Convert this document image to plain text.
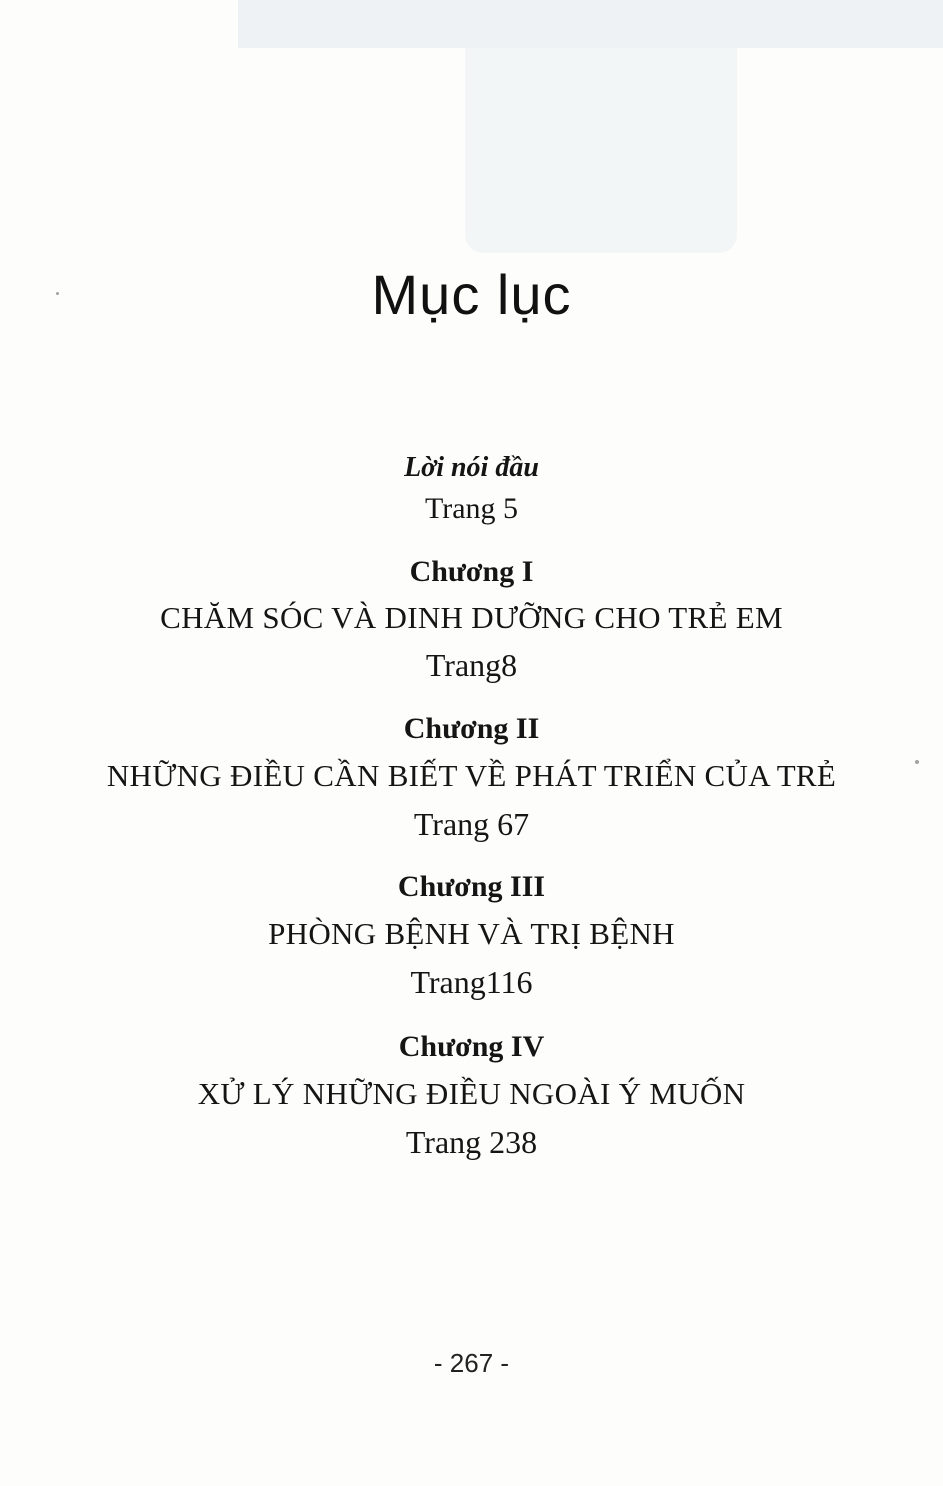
Mục lục
Lời nói đầu
Trang 5
Chương I
CHĂM SÓC VÀ DINH DƯỠNG CHO TRẺ EM
Trang8
Chương II
NHỮNG ĐIỀU CẦN BIẾT VỀ PHÁT TRIỂN CỦA TRẺ
Trang 67
Chương III
PHÒNG BỆNH VÀ TRỊ BỆNH
Trang116
Chương IV
XỬ LÝ NHỮNG ĐIỀU NGOÀI Ý MUỐN
Trang 238
- 267 -
